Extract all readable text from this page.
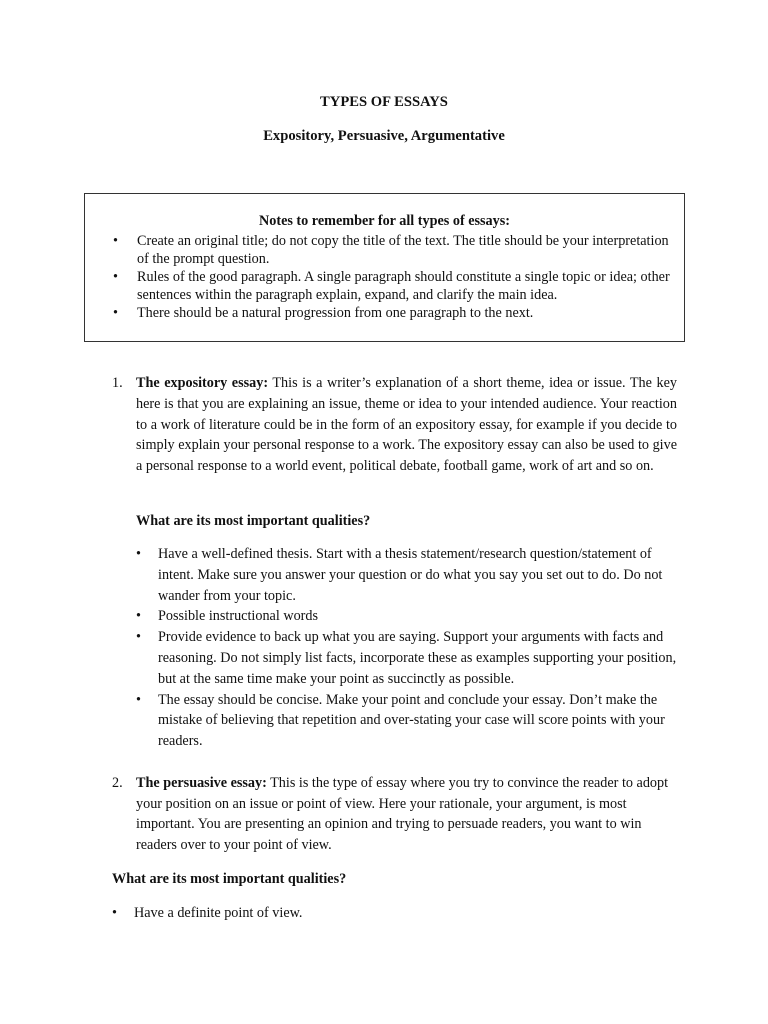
TYPES OF ESSAYS
Expository, Persuasive, Argumentative
Notes to remember for all types of essays:
• Create an original title; do not copy the title of the text. The title should be your interpretation of the prompt question.
• Rules of the good paragraph. A single paragraph should constitute a single topic or idea; other sentences within the paragraph explain, expand, and clarify the main idea.
• There should be a natural progression from one paragraph to the next.
1. The expository essay: This is a writer’s explanation of a short theme, idea or issue. The key here is that you are explaining an issue, theme or idea to your intended audience. Your reaction to a work of literature could be in the form of an expository essay, for example if you decide to simply explain your personal response to a work. The expository essay can also be used to give a personal response to a world event, political debate, football game, work of art and so on.
What are its most important qualities?
• Have a well-defined thesis. Start with a thesis statement/research question/statement of intent. Make sure you answer your question or do what you say you set out to do. Do not wander from your topic.
• Possible instructional words
• Provide evidence to back up what you are saying. Support your arguments with facts and reasoning. Do not simply list facts, incorporate these as examples supporting your position, but at the same time make your point as succinctly as possible.
• The essay should be concise. Make your point and conclude your essay. Don’t make the mistake of believing that repetition and over-stating your case will score points with your readers.
2. The persuasive essay: This is the type of essay where you try to convince the reader to adopt your position on an issue or point of view. Here your rationale, your argument, is most important. You are presenting an opinion and trying to persuade readers, you want to win readers over to your point of view.
What are its most important qualities?
• Have a definite point of view.
